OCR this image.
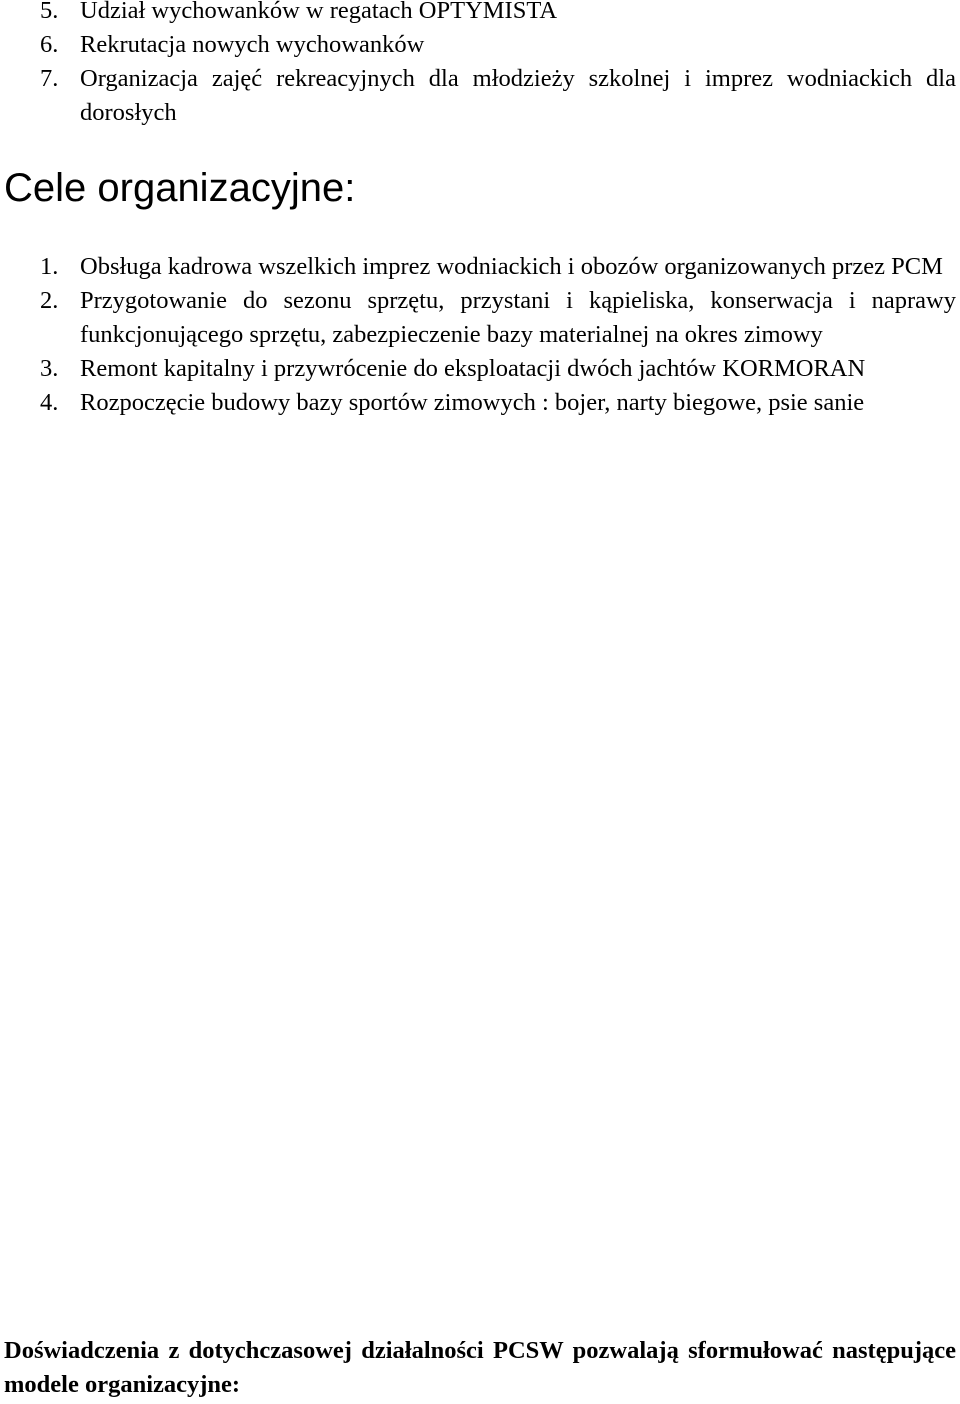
5. Udział wychowanków w regatach OPTYMISTA
6. Rekrutacja nowych wychowanków
7. Organizacja zajęć rekreacyjnych dla młodzieży szkolnej i imprez wodniackich dla dorosłych
Cele organizacyjne:
1. Obsługa kadrowa wszelkich imprez wodniackich i obozów organizowanych przez PCM
2. Przygotowanie do sezonu sprzętu, przystani i kąpieliska, konserwacja i naprawy funkcjonującego sprzętu, zabezpieczenie bazy materialnej na okres zimowy
3. Remont kapitalny i przywrócenie do eksploatacji dwóch jachtów KORMORAN
4. Rozpoczęcie budowy bazy sportów zimowych : bojer, narty biegowe, psie sanie

Doświadczenia z dotychczasowej działalności PCSW pozwalają sformułować następujące modele organizacyjne:
